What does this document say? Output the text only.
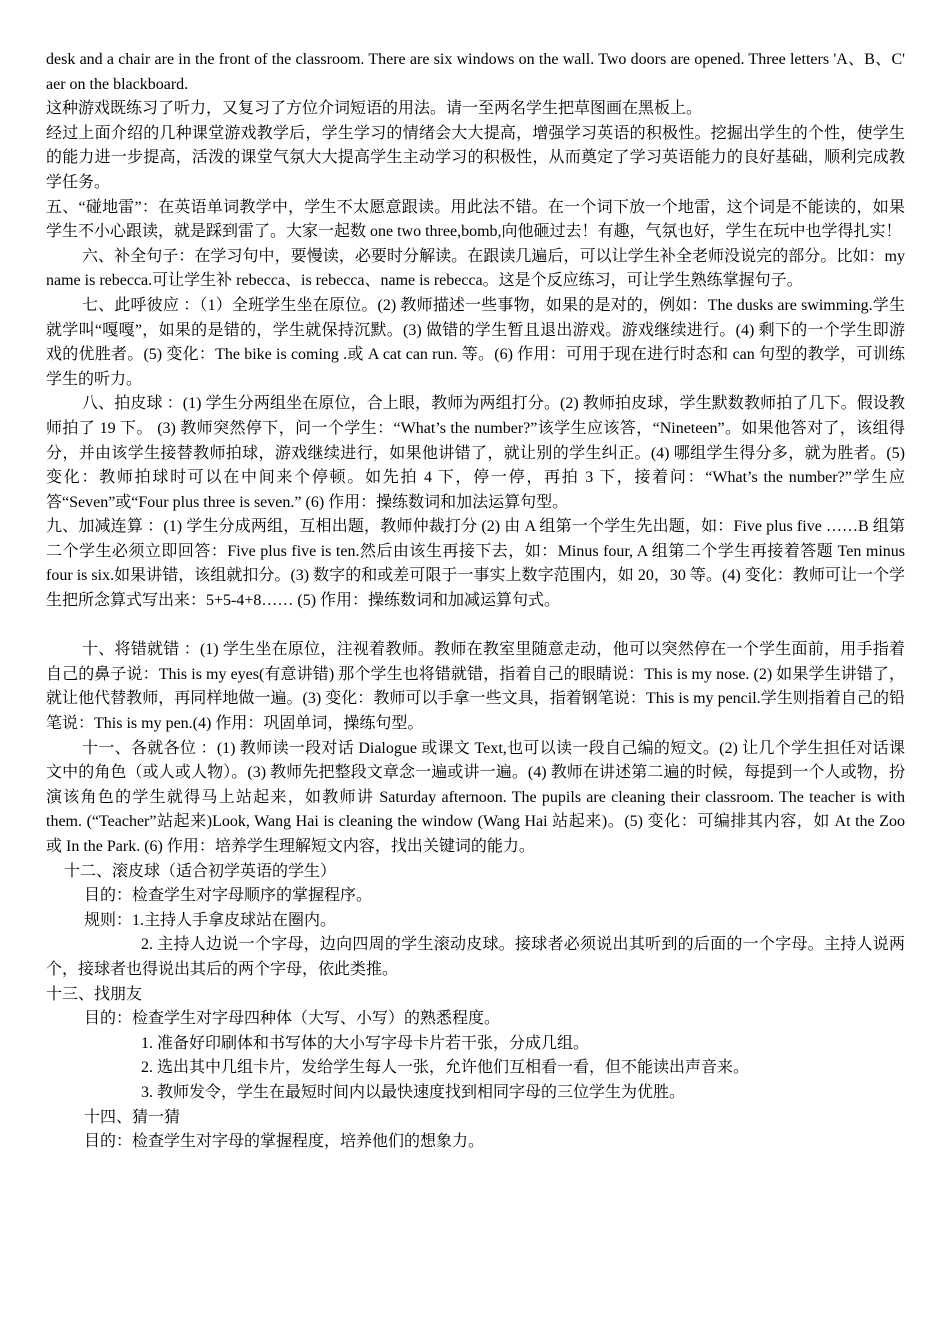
desk and a chair are in the front of the classroom. There are six windows on the wall. Two doors are opened. Three letters 'A、B、C' aer on the blackboard.

这种游戏既练习了听力，又复习了方位介词短语的用法。请一至两名学生把草图画在黑板上。

经过上面介绍的几种课堂游戏教学后，学生学习的情绪会大大提高，增强学习英语的积极性。挖掘出学生的个性，使学生的能力进一步提高，活泼的课堂气氛大大提高学生主动学习的积极性，从而奠定了学习英语能力的良好基础，顺利完成教学任务。

五、“碰地雷”：在英语单词教学中，学生不太愿意跟读。用此法不错。在一个词下放一个地雷，这个词是不能读的，如果学生不小心跟读，就是踩到雷了。大家一起数 one two three,bomb,向他砸过去！有趣，气氛也好，学生在玩中也学得扎实！

六、补全句子：在学习句中，要慢读，必要时分解读。在跟读几遍后，可以让学生补全老师没说完的部分。比如：my name is rebecca.可让学生补 rebecca、is rebecca、name is rebecca。这是个反应练习，可让学生熟练掌握句子。

七、此呼彼应 ：（1）全班学生坐在原位。(2) 教师描述一些事物，如果的是对的，例如：The dusks are swimming.学生就学叫“嘎嘎”，如果的是错的，学生就保持沉默。(3) 做错的学生暂且退出游戏。游戏继续进行。(4) 剩下的一个学生即游戏的优胜者。(5) 变化：The bike is coming .或 A cat can run. 等。(6) 作用：可用于现在进行时态和 can 句型的教学，可训练学生的听力。

八、拍皮球 ：(1) 学生分两组坐在原位，合上眼，教师为两组打分。(2) 教师拍皮球，学生默数教师拍了几下。假设教师拍了 19 下。 (3) 教师突然停下，问一个学生：“What’s the number?”该学生应该答，“Nineteen”。如果他答对了，该组得分，并由该学生接替教师拍球，游戏继续进行，如果他讲错了，就让别的学生纠正。(4) 哪组学生得分多，就为胜者。(5) 变化：教师拍球时可以在中间来个停顿。如先拍 4 下，停一停，再拍 3 下，接着问：“What’s the number?”学生应答“Seven”或“Four plus three is seven.” (6) 作用：操练数词和加法运算句型。

九、加减连算 ：(1) 学生分成两组，互相出题，教师仲裁打分 (2) 由 A 组第一个学生先出题，如：Five plus five ……B 组第二个学生必须立即回答：Five plus five is ten.然后由该生再接下去，如：Minus four, A 组第二个学生再接着答题 Ten minus four is six.如果讲错，该组就扣分。(3) 数字的和或差可限于一事实上数字范围内，如 20，30 等。(4) 变化：教师可让一个学生把所念算式写出来：5+5-4+8…… (5) 作用：操练数词和加减运算句式。

十、将错就错 ：(1) 学生坐在原位，注视着教师。教师在教室里随意走动，他可以突然停在一个学生面前，用手指着自己的鼻子说：This is my eyes(有意讲错) 那个学生也将错就错，指着自己的眼睛说：This is my nose. (2) 如果学生讲错了，就让他代替教师，再同样地做一遍。(3) 变化：教师可以手拿一些文具，指着钢笔说：This is my pencil.学生则指着自己的铅笔说：This is my pen.(4) 作用：巩固单词，操练句型。

十一、各就各位 ：(1) 教师读一段对话 Dialogue 或课文 Text,也可以读一段自己编的短文。(2) 让几个学生担任对话课文中的角色（或人或人物）。(3) 教师先把整段文章念一遍或讲一遍。(4) 教师在讲述第二遍的时候，每提到一个人或物，扮演该角色的学生就得马上站起来，如教师讲 Saturday afternoon. The pupils are cleaning their classroom. The teacher is with them. (“Teacher”站起来)Look, Wang Hai is cleaning the window (Wang Hai 站起来)。(5) 变化：可编排其内容，如 At the Zoo 或 In the Park. (6) 作用：培养学生理解短文内容，找出关键词的能力。

十二、滚皮球（适合初学英语的学生）

目的：检查学生对字母顺序的掌握程序。

规则：1.主持人手拿皮球站在圈内。

2. 主持人边说一个字母，边向四周的学生滚动皮球。接球者必须说出其听到的后面的一个字母。主持人说两个，接球者也得说出其后的两个字母，依此类推。

十三、找朋友

目的：检查学生对字母四种体（大写、小写）的熟悉程度。

1. 准备好印刷体和书写体的大小写字母卡片若干张，分成几组。

2. 选出其中几组卡片，发给学生每人一张，允许他们互相看一看，但不能读出声音来。

3. 教师发令，学生在最短时间内以最快速度找到相同字母的三位学生为优胜。

十四、猜一猜

目的：检查学生对字母的掌握程度，培养他们的想象力。
